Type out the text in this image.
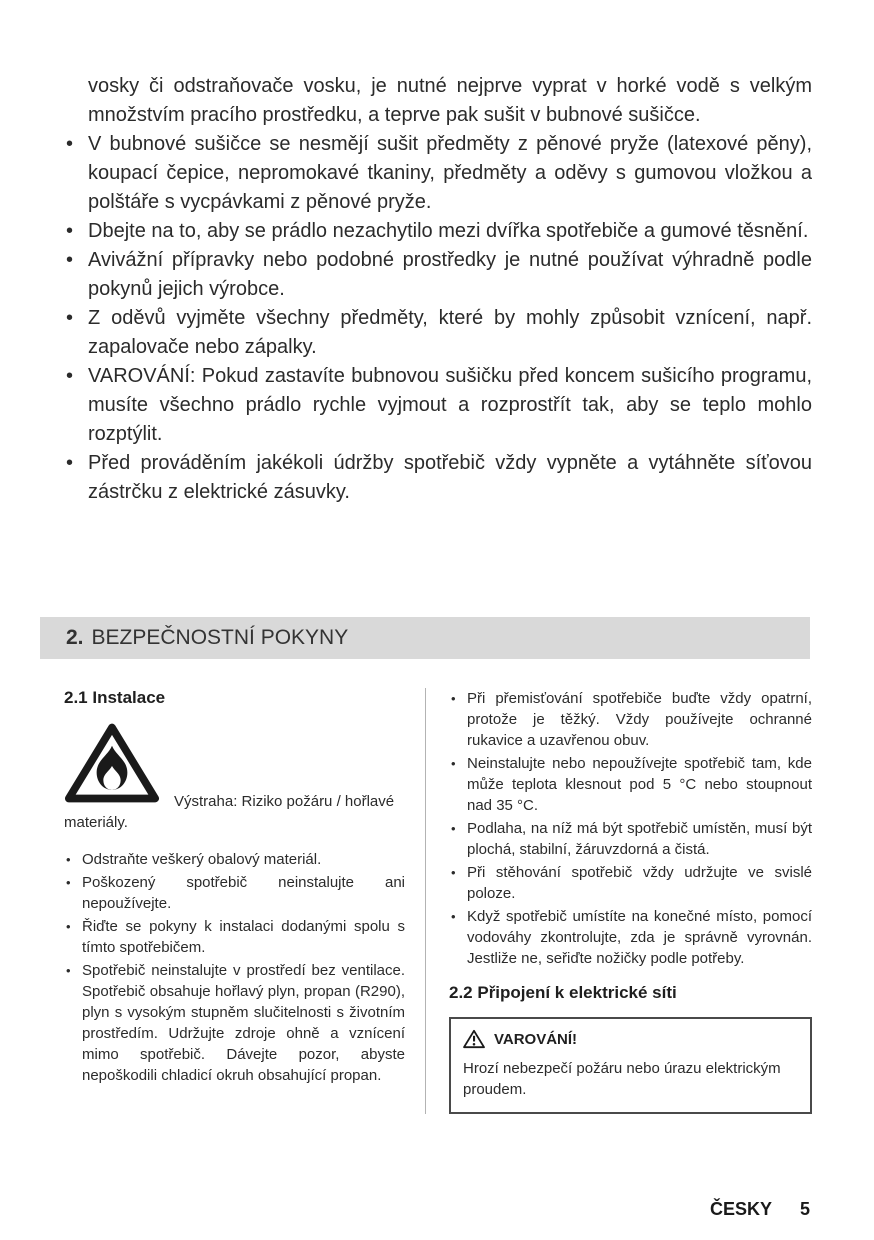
vosky či odstraňovače vosku, je nutné nejprve vyprat v horké vodě s velkým množstvím pracího prostředku, a teprve pak sušit v bubnové sušičce.

• V bubnové sušičce se nesmějí sušit předměty z pěnové pryže (latexové pěny), koupací čepice, nepromokavé tkaniny, předměty a oděvy s gumovou vložkou a polštáře s vycpávkami z pěnové pryže.
• Dbejte na to, aby se prádlo nezachytilo mezi dvířka spotřebiče a gumové těsnění.
• Avivážní přípravky nebo podobné prostředky je nutné používat výhradně podle pokynů jejich výrobce.
• Z oděvů vyjměte všechny předměty, které by mohly způsobit vznícení, např. zapalovače nebo zápalky.
• VAROVÁNÍ: Pokud zastavíte bubnovou sušičku před koncem sušicího programu, musíte všechno prádlo rychle vyjmout a rozprostřít tak, aby se teplo mohlo rozptýlit.
• Před prováděním jakékoli údržby spotřebič vždy vypněte a vytáhněte síťovou zástrčku z elektrické zásuvky.
2. BEZPEČNOSTNÍ POKYNY
2.1 Instalace

Výstraha: Riziko požáru / hořlavé materiály.

• Odstraňte veškerý obalový materiál.
• Poškozený spotřebič neinstalujte ani nepoužívejte.
• Řiďte se pokyny k instalaci dodanými spolu s tímto spotřebičem.
• Spotřebič neinstalujte v prostředí bez ventilace. Spotřebič obsahuje hořlavý plyn, propan (R290), plyn s vysokým stupněm slučitelnosti s životním prostředím. Udržujte zdroje ohně a vznícení mimo spotřebič. Dávejte pozor, abyste nepoškodili chladicí okruh obsahující propan.
• Při přemisťování spotřebiče buďte vždy opatrní, protože je těžký. Vždy používejte ochranné rukavice a uzavřenou obuv.
• Neinstalujte nebo nepoužívejte spotřebič tam, kde může teplota klesnout pod 5 °C nebo stoupnout nad 35 °C.
• Podlaha, na níž má být spotřebič umístěn, musí být plochá, stabilní, žáruvzdorná a čistá.
• Při stěhování spotřebič vždy udržujte ve svislé poloze.
• Když spotřebič umístíte na konečné místo, pomocí vodováhy zkontrolujte, zda je správně vyrovnán. Jestliže ne, seřiďte nožičky podle potřeby.
2.2 Připojení k elektrické síti
VAROVÁNÍ!

Hrozí nebezpečí požáru nebo úrazu elektrickým proudem.

ČESKY 5
